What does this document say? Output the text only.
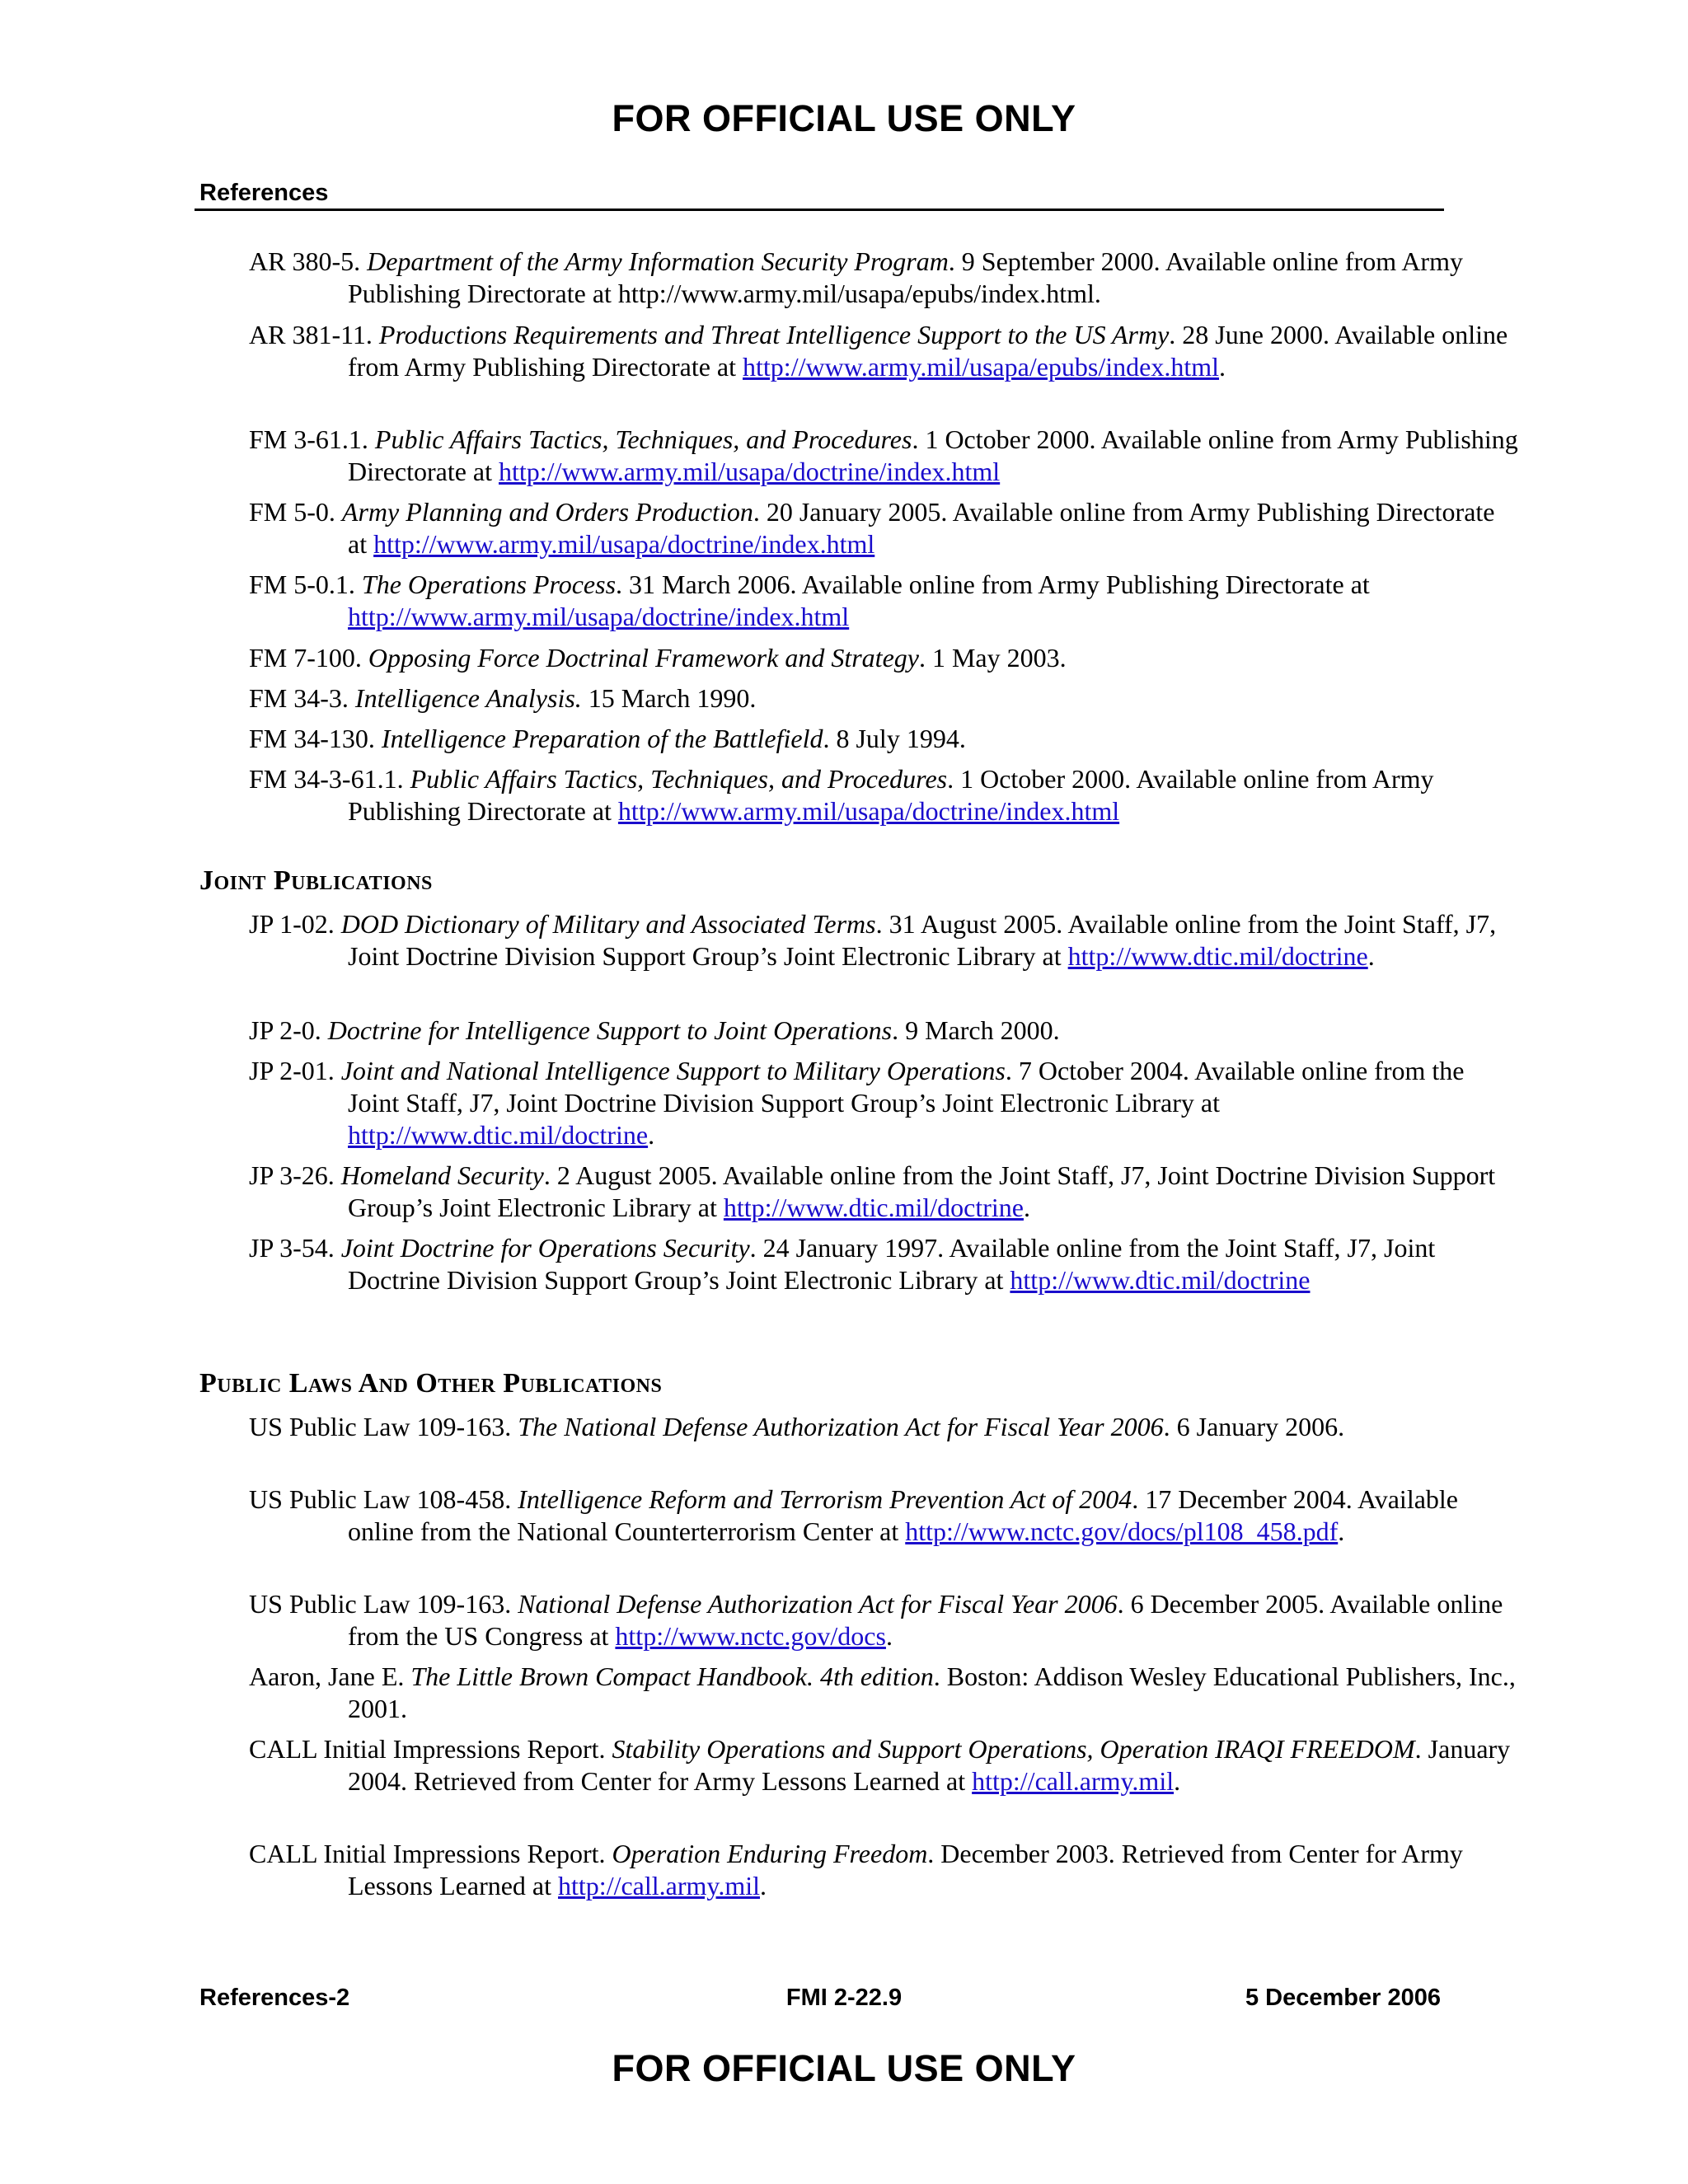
FOR OFFICIAL USE ONLY
References
AR 380-5. Department of the Army Information Security Program. 9 September 2000. Available online from Army Publishing Directorate at http://www.army.mil/usapa/epubs/index.html.
AR 381-11. Productions Requirements and Threat Intelligence Support to the US Army. 28 June 2000. Available online from Army Publishing Directorate at http://www.army.mil/usapa/epubs/index.html.
FM 3-61.1. Public Affairs Tactics, Techniques, and Procedures. 1 October 2000. Available online from Army Publishing Directorate at http://www.army.mil/usapa/doctrine/index.html
FM 5-0. Army Planning and Orders Production. 20 January 2005. Available online from Army Publishing Directorate at http://www.army.mil/usapa/doctrine/index.html
FM 5-0.1. The Operations Process. 31 March 2006. Available online from Army Publishing Directorate at http://www.army.mil/usapa/doctrine/index.html
FM 7-100. Opposing Force Doctrinal Framework and Strategy. 1 May 2003.
FM 34-3. Intelligence Analysis. 15 March 1990.
FM 34-130. Intelligence Preparation of the Battlefield. 8 July 1994.
FM 34-3-61.1. Public Affairs Tactics, Techniques, and Procedures. 1 October 2000. Available online from Army Publishing Directorate at http://www.army.mil/usapa/doctrine/index.html
Joint Publications
JP 1-02. DOD Dictionary of Military and Associated Terms. 31 August 2005. Available online from the Joint Staff, J7, Joint Doctrine Division Support Group’s Joint Electronic Library at http://www.dtic.mil/doctrine.
JP 2-0. Doctrine for Intelligence Support to Joint Operations. 9 March 2000.
JP 2-01. Joint and National Intelligence Support to Military Operations. 7 October 2004. Available online from the Joint Staff, J7, Joint Doctrine Division Support Group’s Joint Electronic Library at http://www.dtic.mil/doctrine.
JP 3-26. Homeland Security. 2 August 2005. Available online from the Joint Staff, J7, Joint Doctrine Division Support Group’s Joint Electronic Library at http://www.dtic.mil/doctrine.
JP 3-54. Joint Doctrine for Operations Security. 24 January 1997. Available online from the Joint Staff, J7, Joint Doctrine Division Support Group’s Joint Electronic Library at http://www.dtic.mil/doctrine
Public Laws And Other Publications
US Public Law 109-163. The National Defense Authorization Act for Fiscal Year 2006. 6 January 2006.
US Public Law 108-458. Intelligence Reform and Terrorism Prevention Act of 2004. 17 December 2004. Available online from the National Counterterrorism Center at http://www.nctc.gov/docs/pl108_458.pdf.
US Public Law 109-163. National Defense Authorization Act for Fiscal Year 2006. 6 December 2005. Available online from the US Congress at http://www.nctc.gov/docs.
Aaron, Jane E. The Little Brown Compact Handbook. 4th edition. Boston: Addison Wesley Educational Publishers, Inc., 2001.
CALL Initial Impressions Report. Stability Operations and Support Operations, Operation IRAQI FREEDOM. January 2004. Retrieved from Center for Army Lessons Learned at http://call.army.mil.
CALL Initial Impressions Report. Operation Enduring Freedom. December 2003. Retrieved from Center for Army Lessons Learned at http://call.army.mil.
References-2	FMI 2-22.9	5 December 2006
FOR OFFICIAL USE ONLY
